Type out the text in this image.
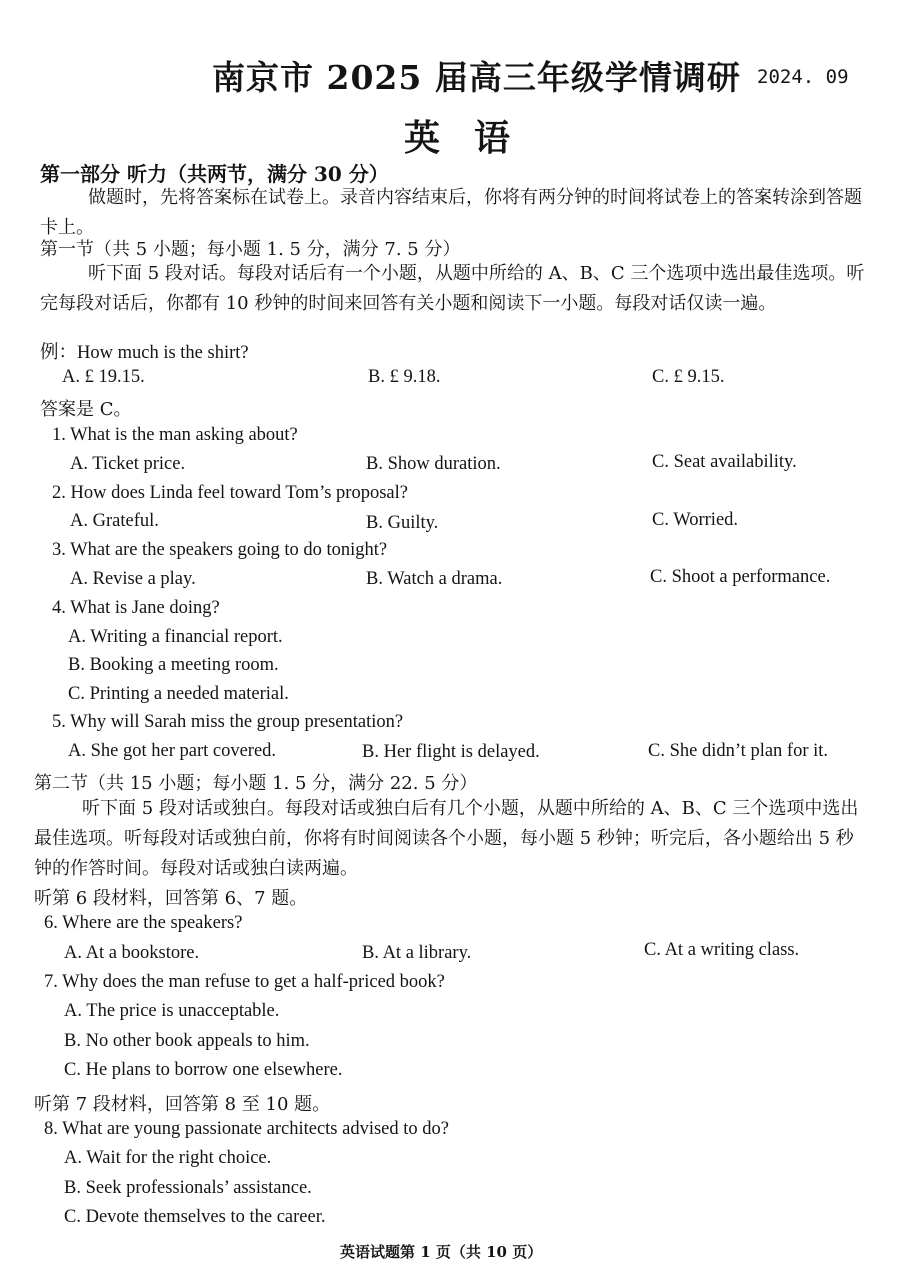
南京市 2025 届高三年级学情调研 2024. 09
英语
第一部分 听力（共两节，满分 30 分）
做题时，先将答案标在试卷上。录音内容结束后，你将有两分钟的时间将试卷上的答案转涂到答题卡上。
第一节（共 5 小题；每小题 1. 5 分，满分 7. 5 分）
听下面 5 段对话。每段对话后有一个小题，从题中所给的 A、B、C 三个选项中选出最佳选项。听完每段对话后，你都有 10 秒钟的时间来回答有关小题和阅读下一小题。每段对话仅读一遍。
例：How much is the shirt?
A. £ 19.15.	B. £ 9.18.	C. £ 9.15.
答案是 C。
1. What is the man asking about?
A. Ticket price.	B. Show duration.	C. Seat availability.
2. How does Linda feel toward Tom’s proposal?
A. Grateful.	B. Guilty.	C. Worried.
3. What are the speakers going to do tonight?
A. Revise a play.	B. Watch a drama.	C. Shoot a performance.
4. What is Jane doing?
A. Writing a financial report.
B. Booking a meeting room.
C. Printing a needed material.
5. Why will Sarah miss the group presentation?
A. She got her part covered.	B. Her flight is delayed.	C. She didn’t plan for it.
第二节（共 15 小题；每小题 1. 5 分，满分 22. 5 分）
听下面 5 段对话或独白。每段对话或独白后有几个小题，从题中所给的 A、B、C 三个选项中选出最佳选项。听每段对话或独白前，你将有时间阅读各个小题，每小题 5 秒钟；听完后，各小题给出 5 秒钟的作答时间。每段对话或独白读两遍。
听第 6 段材料，回答第 6、7 题。
6. Where are the speakers?
A. At a bookstore.	B. At a library.	C. At a writing class.
7. Why does the man refuse to get a half-priced book?
A. The price is unacceptable.
B. No other book appeals to him.
C. He plans to borrow one elsewhere.
听第 7 段材料，回答第 8 至 10 题。
8. What are young passionate architects advised to do?
A. Wait for the right choice.
B. Seek professionals’ assistance.
C. Devote themselves to the career.
英语试题第 1 页（共 10 页）
